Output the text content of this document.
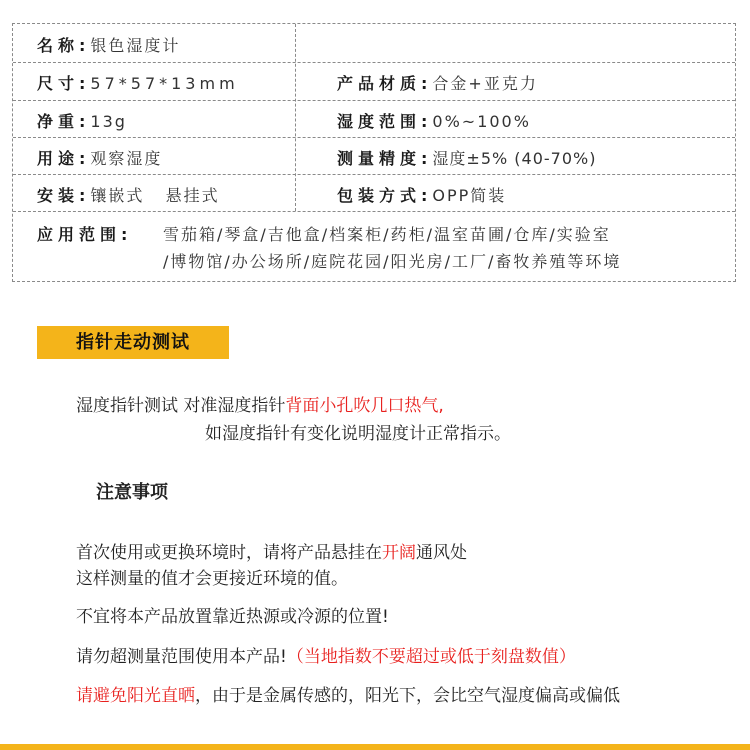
名称:银色湿度计
尺寸:57*57*13mm	产品材质:合金+亚克力
净重:13g	湿度范围:0%~100%
用途:观察湿度	测量精度:湿度±5% (40-70%)
安装:镶嵌式   悬挂式	包装方式:OPP简装
应用范围: 雪茄箱/琴盒/吉他盒/档案柜/药柜/温室苗圃/仓库/实验室
/博物馆/办公场所/庭院花园/阳光房/工厂/畜牧养殖等环境
指针走动测试
湿度指针测试 对准湿度指针背面小孔吹几口热气,
如湿度指针有变化说明湿度计正常指示。
注意事项
首次使用或更换环境时，请将产品悬挂在开阔通风处
这样测量的值才会更接近环境的值。
不宜将本产品放置靠近热源或冷源的位置!
请勿超测量范围使用本产品!（当地指数不要超过或低于刻盘数值）
请避免阳光直晒，由于是金属传感的，阳光下，会比空气湿度偏高或偏低
